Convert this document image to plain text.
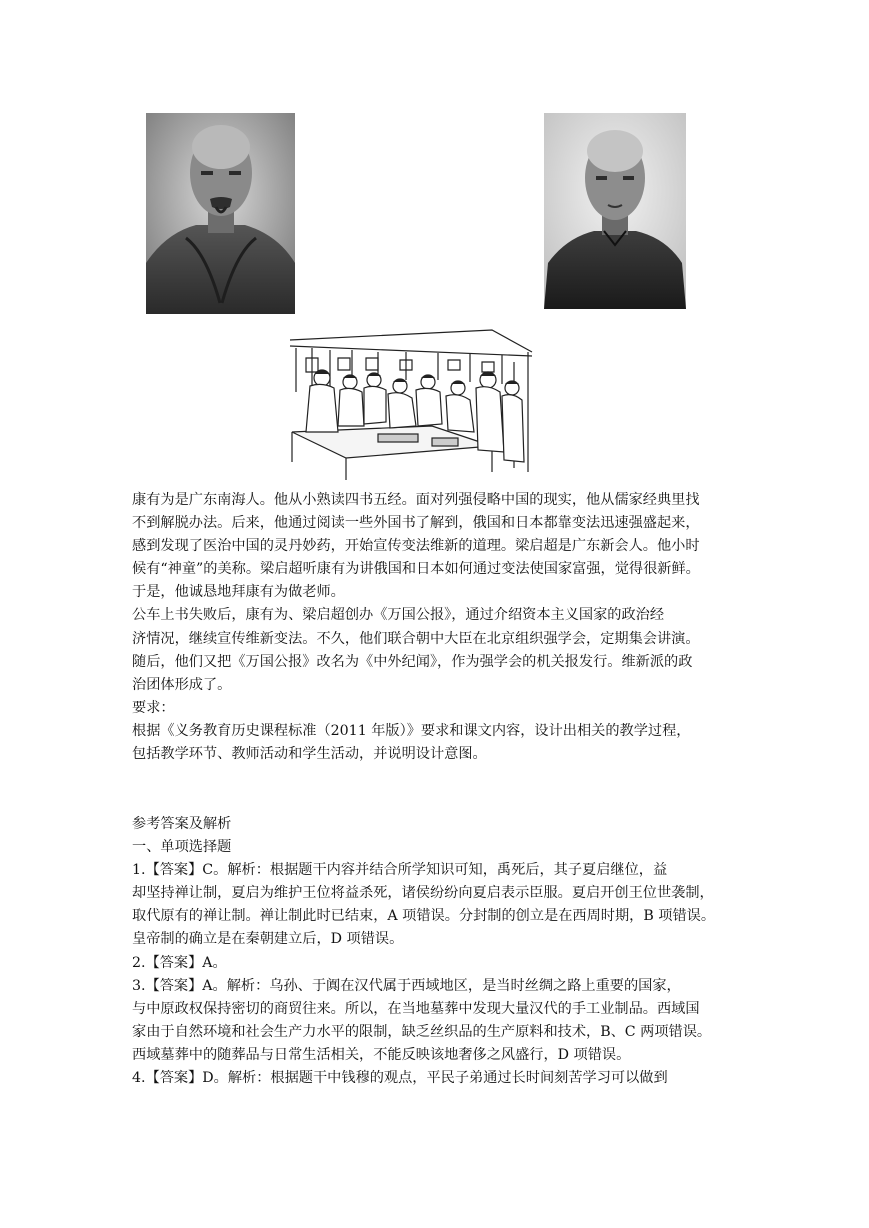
康有为是广东南海人。他从小熟读四书五经。面对列强侵略中国的现实，他从儒家经典里找

不到解脱办法。后来，他通过阅读一些外国书了解到，俄国和日本都靠变法迅速强盛起来，

感到发现了医治中国的灵丹妙药，开始宣传变法维新的道理。梁启超是广东新会人。他小时

候有“神童”的美称。梁启超听康有为讲俄国和日本如何通过变法使国家富强，觉得很新鲜。

于是，他诚恳地拜康有为做老师。

公车上书失败后，康有为、梁启超创办《万国公报》，通过介绍资本主义国家的政治经

济情况，继续宣传维新变法。不久，他们联合朝中大臣在北京组织强学会，定期集会讲演。

随后，他们又把《万国公报》改名为《中外纪闻》，作为强学会的机关报发行。维新派的政

治团体形成了。

要求：

根据《义务教育历史课程标准（2011 年版）》要求和课文内容，设计出相关的教学过程，

包括教学环节、教师活动和学生活动，并说明设计意图。

参考答案及解析

一、单项选择题

1.【答案】C。解析：根据题干内容并结合所学知识可知，禹死后，其子夏启继位，益

却坚持禅让制，夏启为维护王位将益杀死，诸侯纷纷向夏启表示臣服。夏启开创王位世袭制，

取代原有的禅让制。禅让制此时已结束，A 项错误。分封制的创立是在西周时期，B 项错误。

皇帝制的确立是在秦朝建立后，D 项错误。

2.【答案】A。

3.【答案】A。解析：乌孙、于阗在汉代属于西域地区，是当时丝绸之路上重要的国家，

与中原政权保持密切的商贸往来。所以，在当地墓葬中发现大量汉代的手工业制品。西域国

家由于自然环境和社会生产力水平的限制，缺乏丝织品的生产原料和技术，B、C 两项错误。

西域墓葬中的随葬品与日常生活相关，不能反映该地奢侈之风盛行，D 项错误。

4.【答案】D。解析：根据题干中钱穆的观点，平民子弟通过长时间刻苦学习可以做到
